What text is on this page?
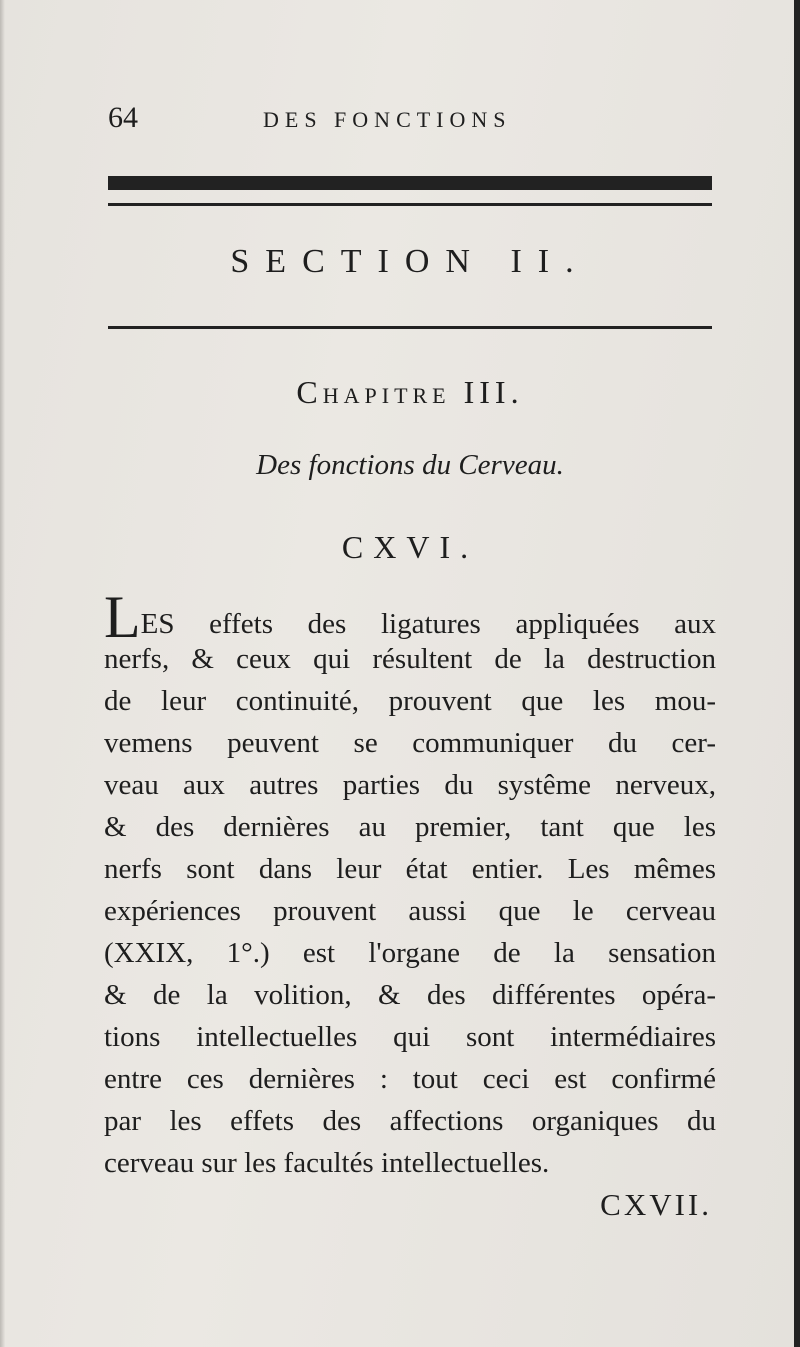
64	DES FONCTIONS
SECTION II.
Chapitre III.
Des fonctions du Cerveau.
CXVI.
LES effets des ligatures appliquées aux
nerfs, & ceux qui résultent de la destruction
de leur continuité, prouvent que les mou-
vemens peuvent se communiquer du cer-
veau aux autres parties du systême nerveux,
& des dernières au premier, tant que les
nerfs sont dans leur état entier. Les mêmes
expériences prouvent aussi que le cerveau
(XXIX, 1°.) est l'organe de la sensation
& de la volition, & des différentes opéra-
tions intellectuelles qui sont intermédiaires
entre ces dernières : tout ceci est confirmé
par les effets des affections organiques du
cerveau sur les facultés intellectuelles.
CXVII.
